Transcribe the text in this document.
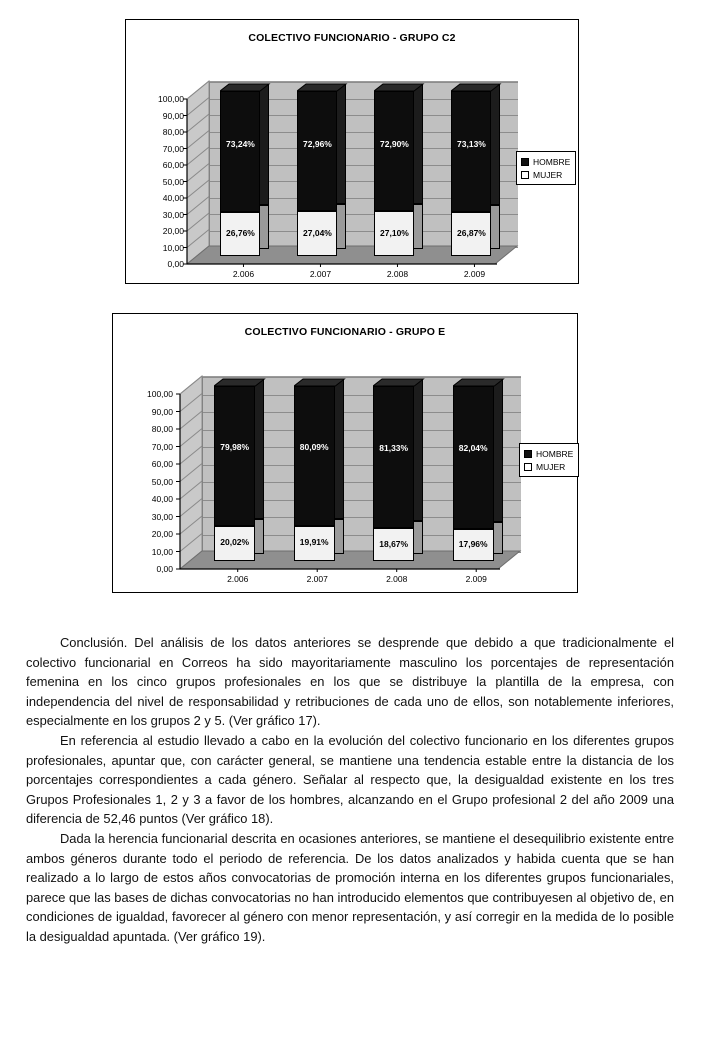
COLECTIVO FUNCIONARIO - GRUPO C2
0,00
10,00
20,00
30,00
40,00
50,00
60,00
70,00
80,00
90,00
100,00
26,76%
73,24%
2.006
27,04%
72,96%
2.007
27,10%
72,90%
2.008
26,87%
73,13%
2.009
HOMBRE
MUJER
COLECTIVO FUNCIONARIO - GRUPO E
0,00
10,00
20,00
30,00
40,00
50,00
60,00
70,00
80,00
90,00
100,00
20,02%
79,98%
2.006
19,91%
80,09%
2.007
18,67%
81,33%
2.008
17,96%
82,04%
2.009
HOMBRE
MUJER

Conclusión. Del análisis de los datos anteriores se desprende que debido a que tradicionalmente el colectivo funcionarial en Correos ha sido mayoritariamente masculino los porcentajes de representación femenina en los cinco grupos profesionales en los que se distribuye la plantilla de la empresa, con independencia del nivel de responsabilidad y retribuciones de cada uno de ellos, son notablemente inferiores, especialmente en los grupos 2 y 5. (Ver gráfico 17).

En referencia al estudio llevado a cabo en la evolución del colectivo funcionario en los diferentes grupos profesionales, apuntar que, con carácter general, se mantiene una tendencia estable entre la distancia de los porcentajes correspondientes a cada género. Señalar al respecto que, la desigualdad existente en los tres Grupos Profesionales 1, 2 y 3 a favor de los hombres, alcanzando en el Grupo profesional 2 del año 2009 una diferencia de 52,46 puntos (Ver gráfico 18).

Dada la herencia funcionarial descrita en ocasiones anteriores, se mantiene el desequilibrio existente entre ambos géneros durante todo el periodo de referencia. De los datos analizados y habida cuenta que se han realizado a lo largo de estos años convocatorias de promoción interna en los diferentes grupos funcionariales, parece que las bases de dichas convocatorias no han introducido elementos que contribuyesen al objetivo de, en condiciones de igualdad, favorecer al género con menor representación, y así corregir en la medida de lo posible la desigualdad apuntada. (Ver gráfico 19).
